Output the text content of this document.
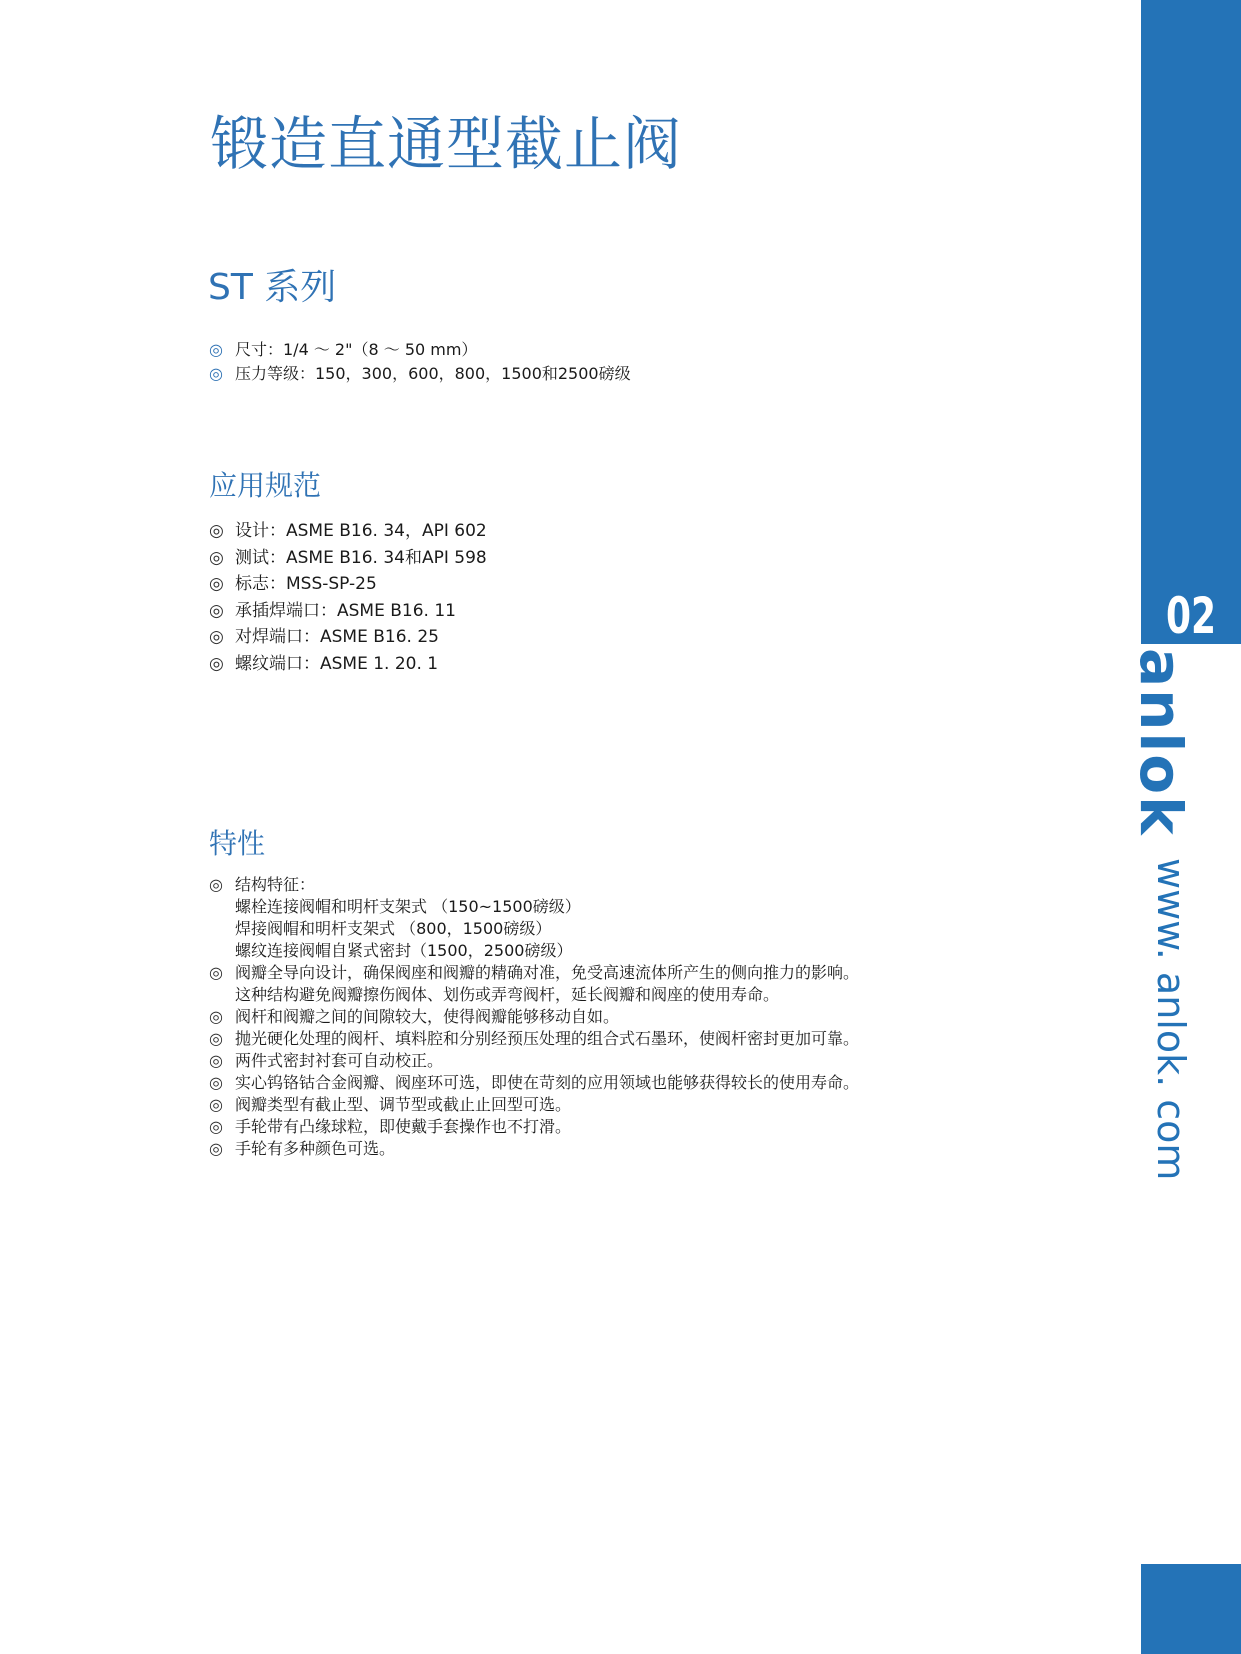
02
anlok
www. anlok. com
锻造直通型截止阀
ST 系列
◎ 尺寸：1/4 ～ 2"（8 ～ 50 mm）
◎ 压力等级：150，300，600，800，1500和2500磅级
应用规范
◎ 设计：ASME B16. 34，API 602
◎ 测试：ASME B16. 34和API 598
◎ 标志：MSS-SP-25
◎ 承插焊端口：ASME B16. 11
◎ 对焊端口：ASME B16. 25
◎ 螺纹端口：ASME 1. 20. 1
特性
◎ 结构特征：
螺栓连接阀帽和明杆支架式 （150~1500磅级）
焊接阀帽和明杆支架式 （800，1500磅级）
螺纹连接阀帽自紧式密封（1500，2500磅级）
◎ 阀瓣全导向设计，确保阀座和阀瓣的精确对准，免受高速流体所产生的侧向推力的影响。
这种结构避免阀瓣擦伤阀体、划伤或弄弯阀杆，延长阀瓣和阀座的使用寿命。
◎ 阀杆和阀瓣之间的间隙较大，使得阀瓣能够移动自如。
◎ 抛光硬化处理的阀杆、填料腔和分别经预压处理的组合式石墨环，使阀杆密封更加可靠。
◎ 两件式密封衬套可自动校正。
◎ 实心钨铬钴合金阀瓣、阀座环可选，即使在苛刻的应用领域也能够获得较长的使用寿命。
◎ 阀瓣类型有截止型、调节型或截止止回型可选。
◎ 手轮带有凸缘球粒，即使戴手套操作也不打滑。
◎ 手轮有多种颜色可选。
